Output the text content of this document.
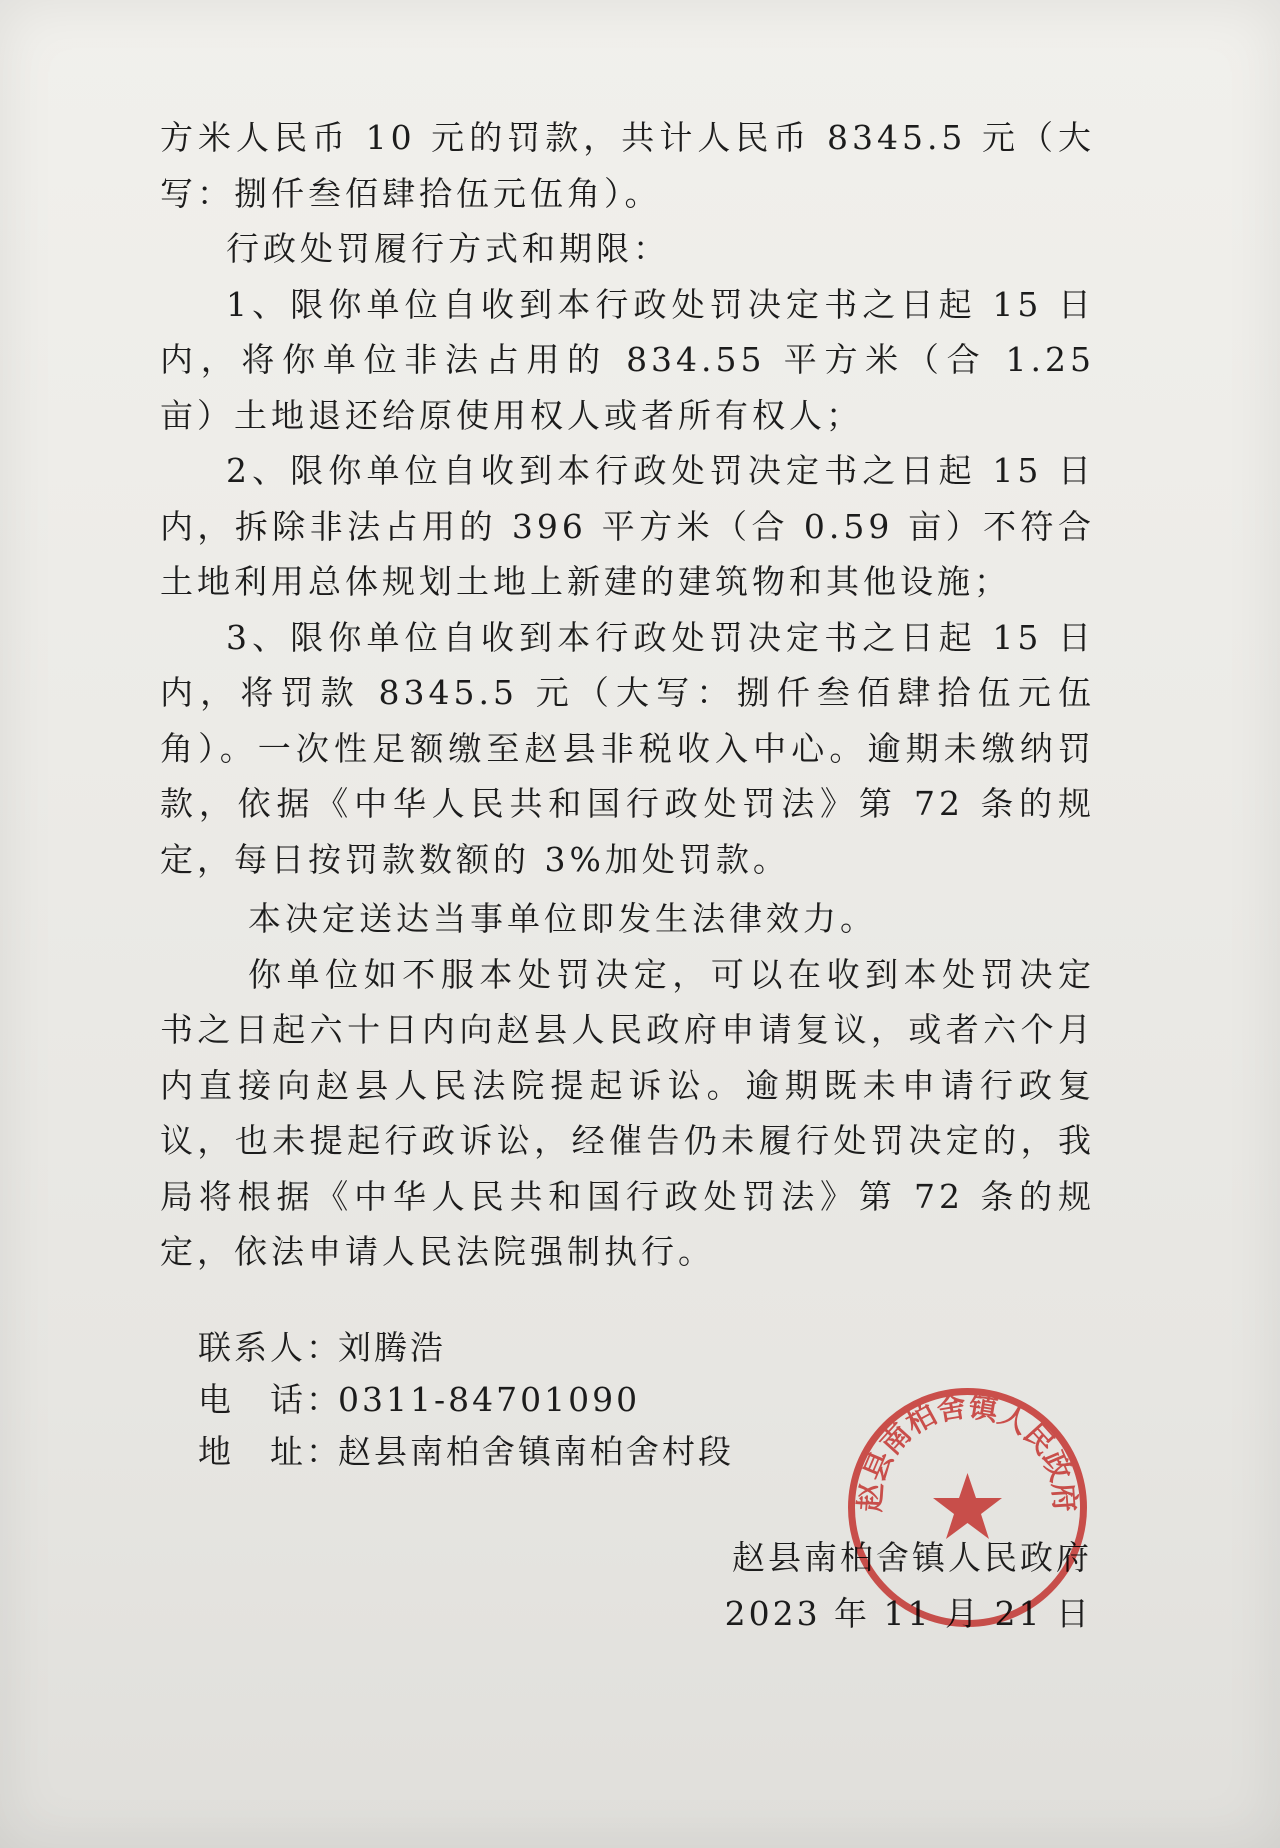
方米人民币 10 元的罚款，共计人民币 8345.5 元（大写：捌仟叁佰肆拾伍元伍角）。

行政处罚履行方式和期限：

1、限你单位自收到本行政处罚决定书之日起 15 日内，将你单位非法占用的 834.55 平方米（合 1.25 亩）土地退还给原使用权人或者所有权人；

2、限你单位自收到本行政处罚决定书之日起 15 日内，拆除非法占用的 396 平方米（合 0.59 亩）不符合土地利用总体规划土地上新建的建筑物和其他设施；

3、限你单位自收到本行政处罚决定书之日起 15 日内，将罚款 8345.5 元（大写：捌仟叁佰肆拾伍元伍角）。一次性足额缴至赵县非税收入中心。逾期未缴纳罚款，依据《中华人民共和国行政处罚法》第 72 条的规定，每日按罚款数额的 3%加处罚款。

本决定送达当事单位即发生法律效力。

你单位如不服本处罚决定，可以在收到本处罚决定书之日起六十日内向赵县人民政府申请复议，或者六个月内直接向赵县人民法院提起诉讼。逾期既未申请行政复议，也未提起行政诉讼，经催告仍未履行处罚决定的，我局将根据《中华人民共和国行政处罚法》第 72 条的规定，依法申请人民法院强制执行。

联系人：
刘腾浩
电　话：
0311-84701090
地　址：
赵县南柏舍镇南柏舍村段
赵县南柏舍镇人民政府
2023 年 11 月 21 日
赵县南柏舍镇人民政府
